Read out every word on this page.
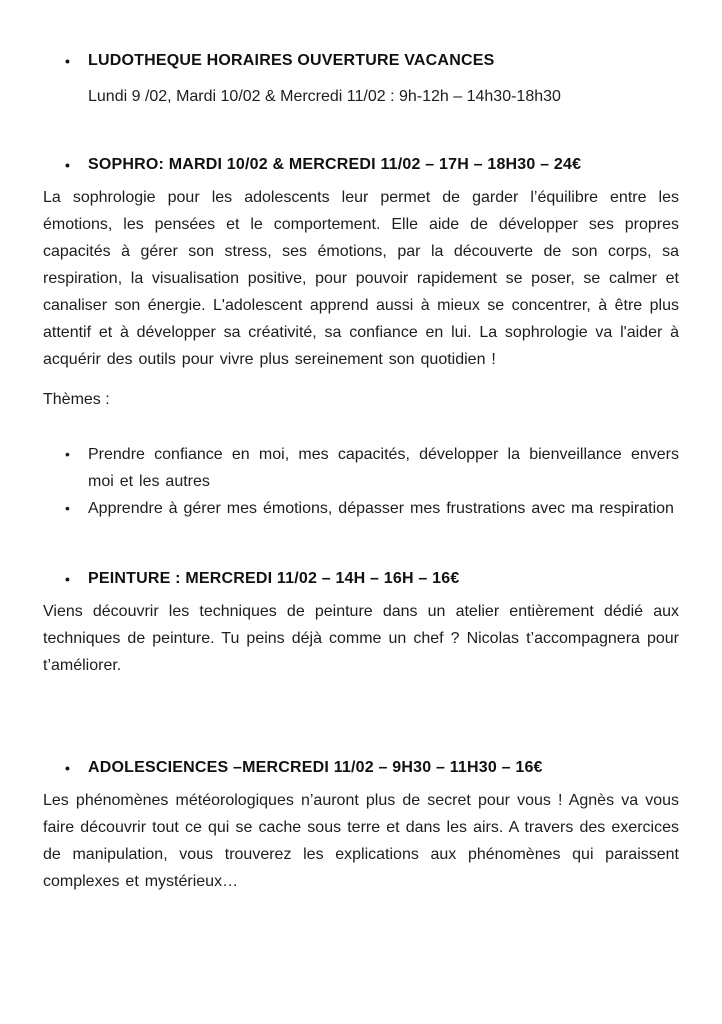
•	LUDOTHEQUE HORAIRES OUVERTURE VACANCES

Lundi 9 /02, Mardi 10/02 & Mercredi 11/02 : 9h-12h – 14h30-18h30

•	SOPHRO: MARDI 10/02 & MERCREDI 11/02 – 17H – 18H30 – 24€

La sophrologie pour les adolescents leur permet de garder l’équilibre entre les émotions, les pensées et le comportement. Elle aide de développer ses propres capacités à gérer son stress, ses émotions, par la découverte de son corps, sa respiration, la visualisation positive, pour pouvoir rapidement se poser, se calmer et canaliser son énergie. L'adolescent apprend aussi à mieux se concentrer, à être plus attentif et à développer sa créativité, sa confiance en lui. La sophrologie va l'aider à acquérir des outils pour vivre plus sereinement son quotidien !

Thèmes :

•	Prendre confiance en moi, mes capacités, développer la bienveillance envers moi et les autres
•	Apprendre à gérer mes émotions, dépasser mes frustrations avec ma respiration
•	PEINTURE : MERCREDI 11/02 – 14H – 16H – 16€

Viens découvrir les techniques de peinture dans un atelier entièrement dédié aux techniques de peinture. Tu peins déjà comme un chef ? Nicolas t’accompagnera pour t’améliorer.

•	ADOLESCIENCES –MERCREDI 11/02 – 9H30 – 11H30 – 16€

Les phénomènes météorologiques n’auront plus de secret pour vous ! Agnès va vous faire découvrir tout ce qui se cache sous terre et dans les airs. A travers des exercices de manipulation, vous trouverez les explications aux phénomènes qui paraissent complexes et mystérieux…
